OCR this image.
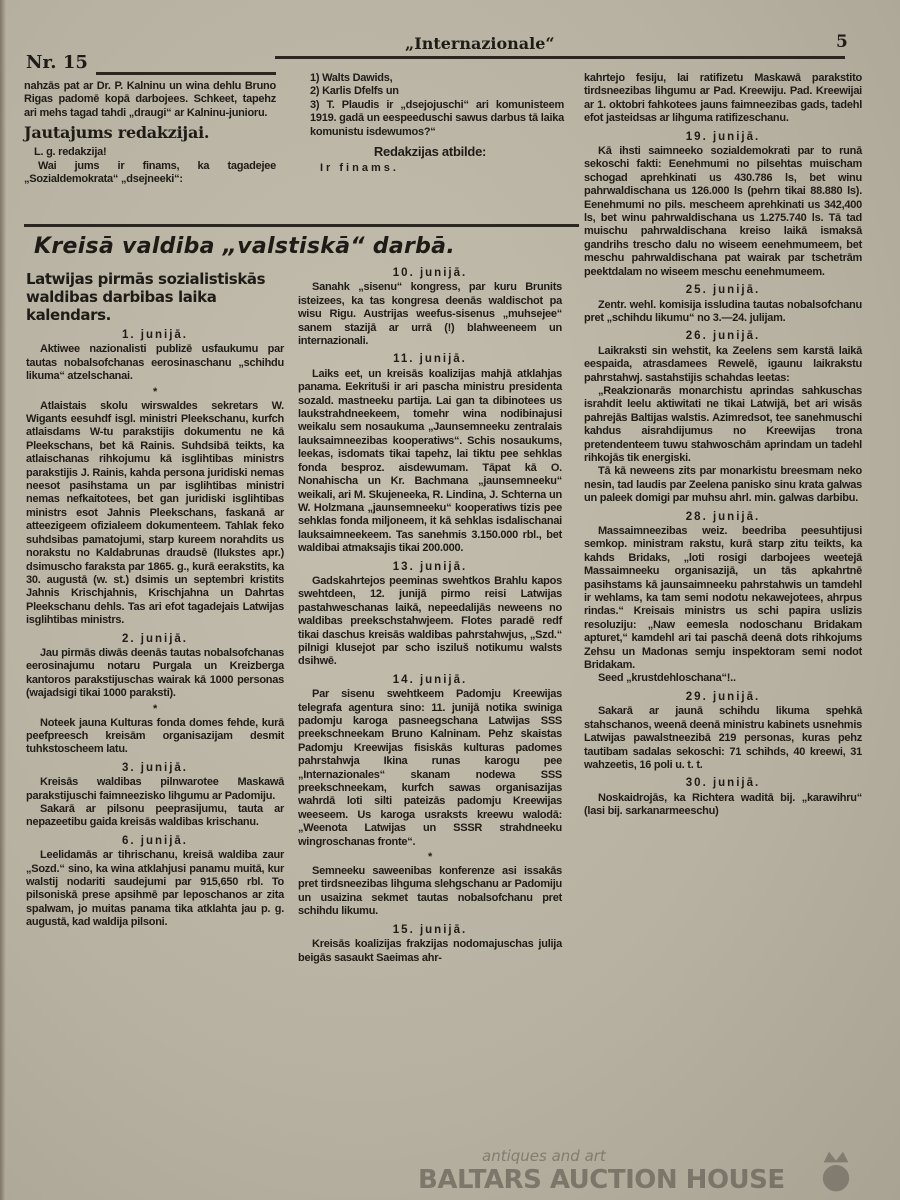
Nr. 15
„Internazionale“	5

nahzās pat ar Dr. P. Kalninu un wina dehlu Bruno Rigas padomē kopā darbojees. Schkeet, tapehz ari mehs tagad tahdi „draugi“ ar Kalninu-junioru.

Jautajums redakzijai.

L. g. redakzija!

Wai jums ir finams, ka tagadejee „Sozialdemokrata“ „dsejneeki“:

1) Walts Dawids,
2) Karlis Dfelfs un
3) T. Plaudis ir „dsejojuschi“ ari komunisteem 1919. gadā un eespeeduschi sawus darbus tā laika komunistu isdewumos?“
Redakzijas atbilde:
Ir finams.
Kreisā valdiba „valstiskā“ darbā.
Latwijas pirmās sozialistiskās waldibas darbibas laika kalendars.
1. junijā.

Aktiwee nazionalisti publizē usfaukumu par tautas nobalsofchanas eerosinaschanu „schihdu likuma“ atzelschanai.

*

Atlaistais skolu wirswaldes sekretars W. Wigants eesuhdf isgl. ministri Pleekschanu, kurfch atlaisdams W-tu parakstijis dokumentu ne kā Pleekschans, bet kā Rainis. Suhdsibā teikts, ka atlaischanas rihkojumu kā isglihtibas ministrs parakstijis J. Rainis, kahda persona juridiski nemas neesot pasihstama un par isglihtibas ministri nemas nefkaitotees, bet gan juridiski isglihtibas ministrs esot Jahnis Pleekschans, faskanā ar atteezigeem ofizialeem dokumenteem. Tahlak feko suhdsibas pamatojumi, starp kureem norahdits us norakstu no Kaldabrunas draudsē (Ilukstes apr.) dsimuscho faraksta par 1865. g., kurā eerakstits, ka 30. augustā (w. st.) dsimis un septembri kristits Jahnis Krischjahnis, Krischjahna un Dahrtas Pleekschanu dehls. Tas ari efot tagadejais Latwijas isglihtibas ministrs.

2. junijā.

Jau pirmās diwās deenās tautas nobalsofchanas eerosinajumu notaru Purgala un Kreizberga kantoros parakstijuschas wairak kā 1000 personas (wajadsigi tikai 1000 paraksti).

*

Noteek jauna Kulturas fonda domes fehde, kurā peefpreesch kreisām organisazijam desmit tuhkstoscheem latu.

3. junijā.

Kreisās waldibas pilnwarotee Maskawā parakstijuschi faimneezisko lihgumu ar Padomiju.

Sakarā ar pilsonu peeprasijumu, tauta ar nepazeetibu gaida kreisās waldibas krischanu.

6. junijā.

Leelidamās ar tihrischanu, kreisā waldiba zaur „Sozd.“ sino, ka wina atklahjusi panamu muitā, kur walstij nodariti saudejumi par 915,650 rbl. To pilsoniskā prese apsihmē par leposchanos ar zita spalwam, jo muitas panama tika atklahta jau p. g. augustā, kad waldija pilsoni.

10. junijā.

Sanahk „sisenu“ kongress, par kuru Brunits isteizees, ka tas kongresa deenās waldischot pa wisu Rigu. Austrijas weefus-sisenus „muhsejee“ sanem stazijā ar urrā (!) blahweeneem un internazionali.

11. junijā.

Laiks eet, un kreisās koalizijas mahjā atklahjas panama. Eekrituši ir ari pascha ministru presidenta sozald. mastneeku partija. Lai gan ta dibinotees us laukstrahdneekeem, tomehr wina nodibinajusi weikalu sem nosaukuma „Jaunsemneeku zentralais lauksaimneezibas kooperatiws“. Schis nosaukums, leekas, isdomats tikai tapehz, lai tiktu pee sehklas fonda besproz. aisdewumam. Tāpat kā O. Nonahischa un Kr. Bachmana „jaunsemneeku“ weikali, ari M. Skujeneeka, R. Lindina, J. Schterna un W. Holzmana „jaunsemneeku“ kooperatiws tizis pee sehklas fonda miljoneem, it kā sehklas isdalischanai lauksaimneekeem. Tas sanehmis 3.150.000 rbl., bet waldibai atmaksajis tikai 200.000.

13. junijā.

Gadskahrtejos peeminas swehtkos Brahlu kapos swehtdeen, 12. junijā pirmo reisi Latwijas pastahweschanas laikā, nepeedalijās neweens no waldibas preekschstahwjeem. Flotes paradē redf tikai daschus kreisās waldibas pahrstahwjus, „Szd.“ pilnigi klusejot par scho isziluš notikumu walsts dsihwē.

14. junijā.

Par sisenu swehtkeem Padomju Kreewijas telegrafa agentura sino: 11. junijā notika swiniga padomju karoga pasneegschana Latwijas SSS preekschneekam Bruno Kalninam. Pehz skaistas Padomju Kreewijas fisiskās kulturas padomes pahrstahwja Ikina runas karogu pee „Internazionales“ skanam nodewa SSS preekschneekam, kurfch sawas organisazijas wahrdā loti silti pateizās padomju Kreewijas weeseem. Us karoga usraksts kreewu walodā: „Weenota Latwijas un SSSR strahdneeku wingroschanas fronte“.

*

Semneeku saweenibas konferenze asi issakās pret tirdsneezibas lihguma slehgschanu ar Padomiju un usaizina sekmet tautas nobalsofchanu pret schihdu likumu.

15. junijā.

Kreisās koalizijas frakzijas nodomajuschas julija beigās sasaukt Saeimas ahr-

kahrtejo fesiju, lai ratifizetu Maskawā parakstito tirdsneezibas lihgumu ar Pad. Kreewiju. Pad. Kreewijai ar 1. oktobri fahkotees jauns faimneezibas gads, tadehl efot jasteidsas ar lihguma ratifizeschanu.

19. junijā.

Kā ihsti saimneeko sozialdemokrati par to runā sekoschi fakti: Eenehmumi no pilsehtas muischam schogad aprehkinati us 430.786 ls, bet winu pahrwaldischana us 126.000 ls (pehrn tikai 88.880 ls). Eenehmumi no pils. mescheem aprehkinati us 342,400 ls, bet winu pahrwaldischana us 1.275.740 ls. Tā tad muischu pahrwaldischana kreiso laikā ismaksā gandrihs trescho dalu no wiseem eenehmumeem, bet meschu pahrwaldischana pat wairak par tschetrām peektdalam no wiseem meschu eenehmumeem.

25. junijā.

Zentr. wehl. komisija issludina tautas nobalsofchanu pret „schihdu likumu“ no 3.—24. julijam.

26. junijā.

Laikraksti sin wehstit, ka Zeelens sem karstā laikā eespaida, atrasdamees Rewelē, igaunu laikrakstu pahrstahwj. sastahstijis schahdas leetas:

„Reakzionarās monarchistu aprindas sahkuschas israhdit leelu aktiwitati ne tikai Latwijā, bet ari wisās pahrejās Baltijas walstis. Azimredsot, tee sanehmuschi kahdus aisrahdijumus no Kreewijas trona pretendenteem tuwu stahwoschām aprindam un tadehl rihkojās tik energiski.

Tā kā neweens zits par monarkistu breesmam neko nesin, tad laudis par Zeelena panisko sinu krata galwas un paleek domigi par muhsu ahrl. min. galwas darbibu.

28. junijā.

Massaimneezibas weiz. beedriba peesuhtijusi semkop. ministram rakstu, kurā starp zitu teikts, ka kahds Bridaks, „loti rosigi darbojees weetejā Massaimneeku organisazijā, un tās apkahrtnē pasihstams kā jaunsaimneeku pahrstahwis un tamdehl ir wehlams, ka tam semi nodotu nekawejotees, ahrpus rindas.“ Kreisais ministrs us schi papira uslizis resoluziju: „Naw eemesla nodoschanu Bridakam apturet,“ kamdehl ari tai paschā deenā dots rihkojums Zehsu un Madonas semju inspektoram semi nodot Bridakam.

Seed „krustdehloschana“!..

29. junijā.

Sakarā ar jaunā schihdu likuma spehkā stahschanos, weenā deenā ministru kabinets usnehmis Latwijas pawalstneezibā 219 personas, kuras pehz tautibam sadalas sekoschi: 71 schihds, 40 kreewi, 31 wahzeetis, 16 poli u. t. t.

30. junijā.

Noskaidrojās, ka Richtera waditā bij. „karawihru“ (lasi bij. sarkanarmeeschu)

antiques and art
BALTARS AUCTION HOUSE
